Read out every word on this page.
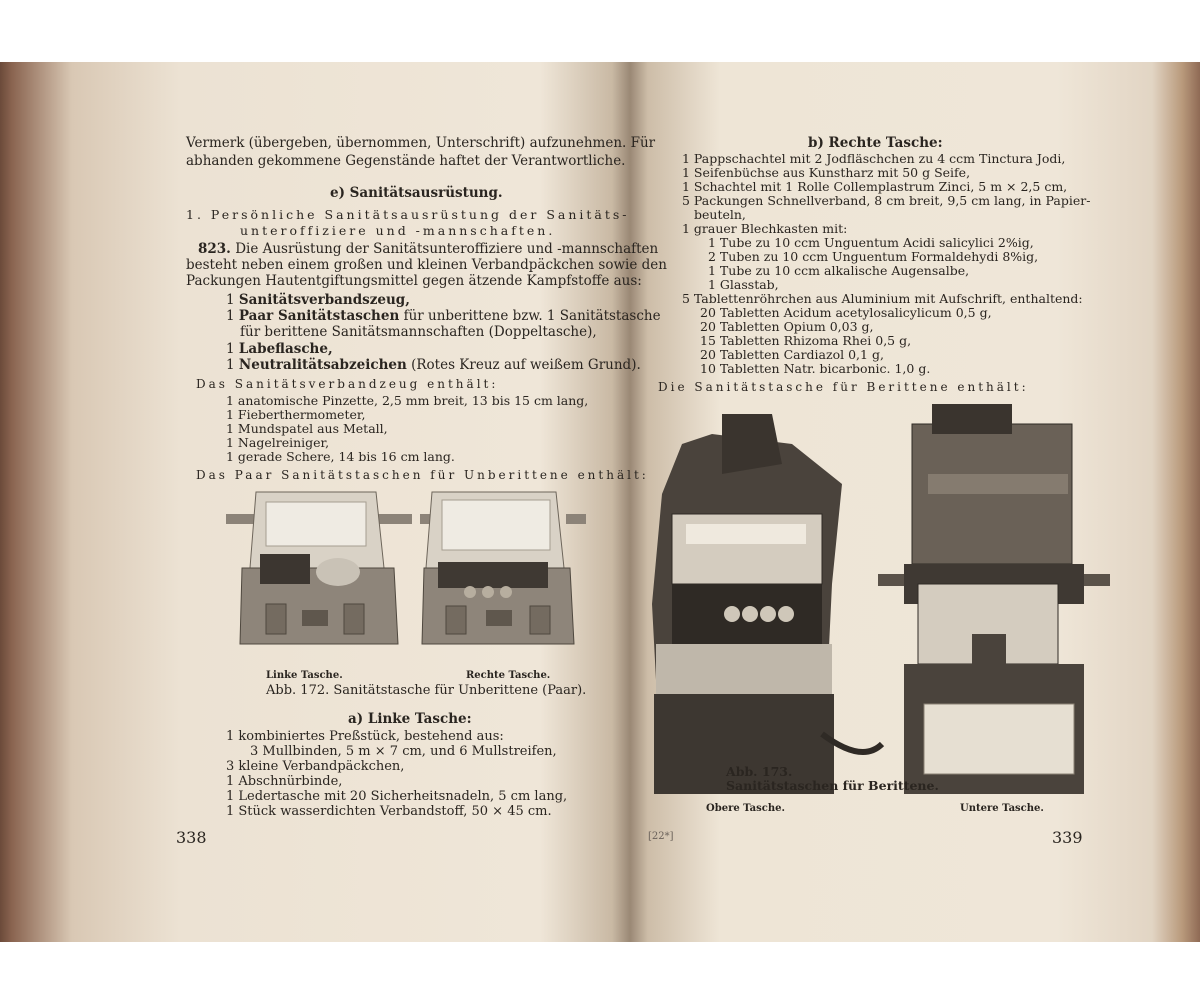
Vermerk (übergeben, übernommen, Unterschrift) aufzunehmen. Für
abhanden gekommene Gegenstände haftet der Verantwortliche.
e) Sanitätsausrüstung.
1. Persönliche Sanitätsausrüstung der Sanitäts-
unteroffiziere und -mannschaften.
823. Die Ausrüstung der Sanitätsunteroffiziere und -mannschaften
besteht neben einem großen und kleinen Verbandpäckchen sowie den
Packungen Hautentgiftungsmittel gegen ätzende Kampfstoffe aus:
1 Sanitätsverbandszeug,
1 Paar Sanitätstaschen für unberittene bzw. 1 Sanitätstasche
für berittene Sanitätsmannschaften (Doppeltasche),
1 Labeflasche,
1 Neutralitätsabzeichen (Rotes Kreuz auf weißem Grund).
Das Sanitätsverbandzeug enthält:
1 anatomische Pinzette, 2,5 mm breit, 13 bis 15 cm lang,
1 Fieberthermometer,
1 Mundspatel aus Metall,
1 Nagelreiniger,
1 gerade Schere, 14 bis 16 cm lang.
Das Paar Sanitätstaschen für Unberittene enthält:
Linke Tasche.	Rechte Tasche.
Abb. 172. Sanitätstasche für Unberittene (Paar).
a) Linke Tasche:
1 kombiniertes Preßstück, bestehend aus:
3 Mullbinden, 5 m × 7 cm, und 6 Mullstreifen,
3 kleine Verbandpäckchen,
1 Abschnürbinde,
1 Ledertasche mit 20 Sicherheitsnadeln, 5 cm lang,
1 Stück wasserdichten Verbandstoff, 50 × 45 cm.
338
b) Rechte Tasche:
1 Pappschachtel mit 2 Jodfläschchen zu 4 ccm Tinctura Jodi,
1 Seifenbüchse aus Kunstharz mit 50 g Seife,
1 Schachtel mit 1 Rolle Collemplastrum Zinci, 5 m × 2,5 cm,
5 Packungen Schnellverband, 8 cm breit, 9,5 cm lang, in Papier-
beuteln,
1 grauer Blechkasten mit:
1 Tube zu 10 ccm Unguentum Acidi salicylici 2%ig,
2 Tuben zu 10 ccm Unguentum Formaldehydi 8%ig,
1 Tube zu 10 ccm alkalische Augensalbe,
1 Glasstab,
5 Tablettenröhrchen aus Aluminium mit Aufschrift, enthaltend:
20 Tabletten Acidum acetylosalicylicum 0,5 g,
20 Tabletten Opium 0,03 g,
15 Tabletten Rhizoma Rhei 0,5 g,
20 Tabletten Cardiazol 0,1 g,
10 Tabletten Natr. bicarbonic. 1,0 g.
Die Sanitätstasche für Berittene enthält:
Abb. 173.
Sanitätstaschen für Berittene.
Obere Tasche.	Untere Tasche.
[22*]	339
